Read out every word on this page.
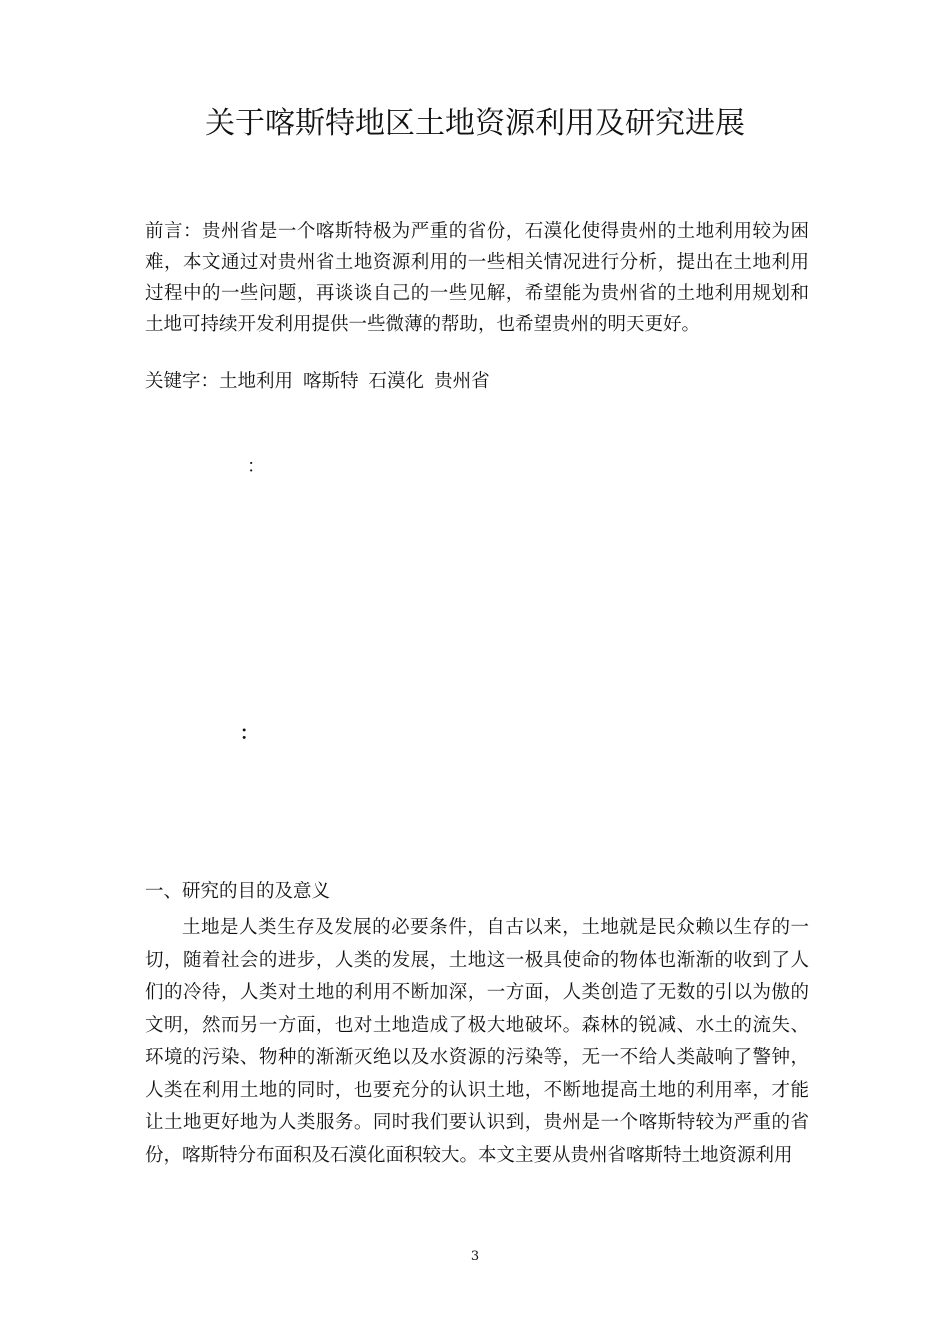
关于喀斯特地区土地资源利用及研究进展

前言：贵州省是一个喀斯特极为严重的省份，石漠化使得贵州的土地利用较为困难，本文通过对贵州省土地资源利用的一些相关情况进行分析，提出在土地利用过程中的一些问题，再谈谈自己的一些见解，希望能为贵州省的土地利用规划和土地可持续开发利用提供一些微薄的帮助，也希望贵州的明天更好。

关键字：土地利用 喀斯特 石漠化 贵州省

：
：
一、研究的目的及意义

土地是人类生存及发展的必要条件，自古以来，土地就是民众赖以生存的一切，随着社会的进步，人类的发展，土地这一极具使命的物体也渐渐的收到了人们的冷待，人类对土地的利用不断加深，一方面，人类创造了无数的引以为傲的文明，然而另一方面，也对土地造成了极大地破坏。森林的锐减、水土的流失、环境的污染、物种的渐渐灭绝以及水资源的污染等，无一不给人类敲响了警钟，人类在利用土地的同时，也要充分的认识土地，不断地提高土地的利用率，才能让土地更好地为人类服务。同时我们要认识到，贵州是一个喀斯特较为严重的省份，喀斯特分布面积及石漠化面积较大。本文主要从贵州省喀斯特土地资源利用

3
